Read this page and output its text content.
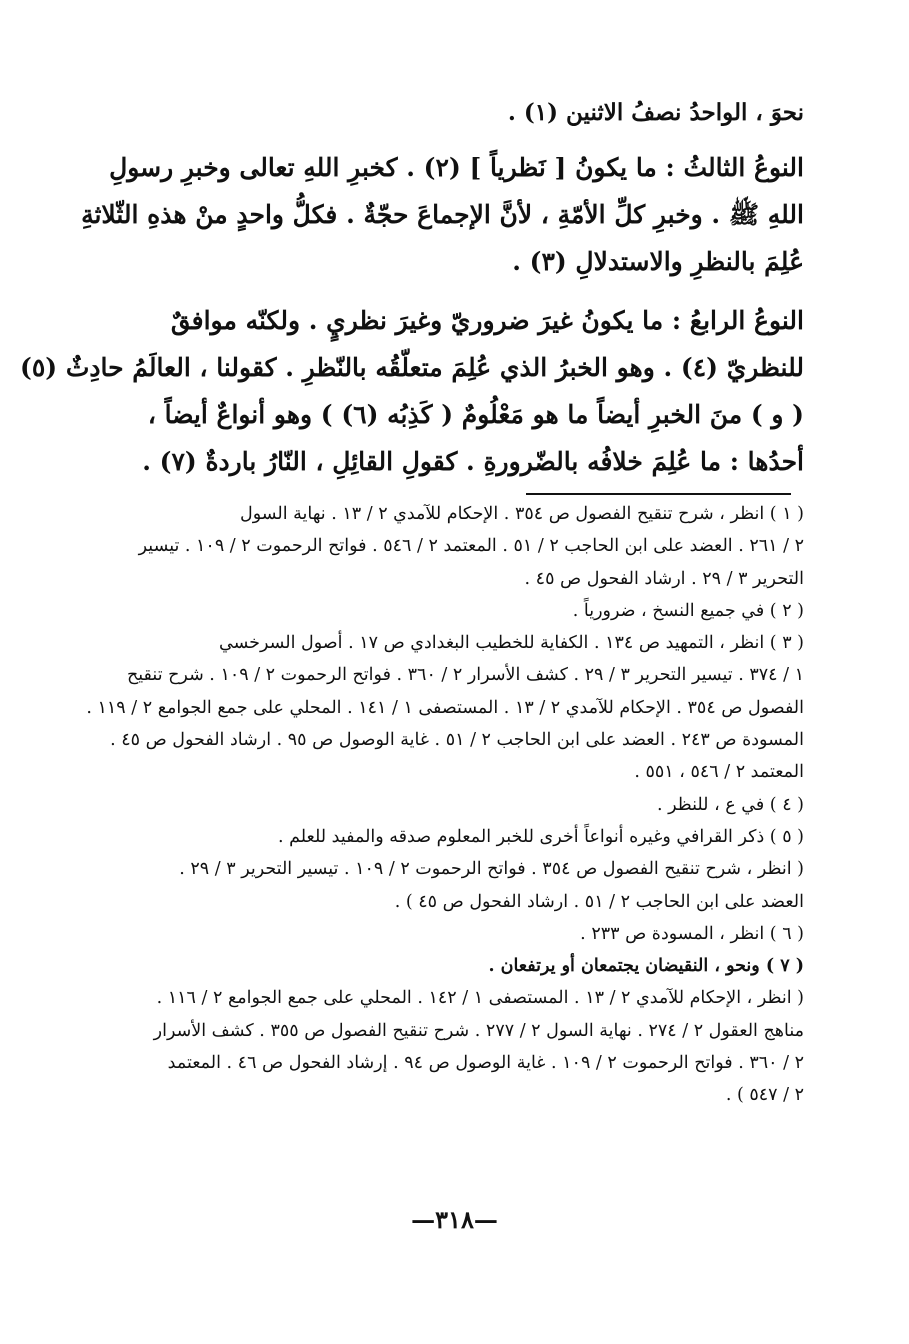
نحوَ ، الواحدُ نصفُ الاثنين (١) .
النوعُ الثالثُ : ما يكونُ [ نَظرياً ] (٢) . كخبرِ اللهِ تعالى وخبرِ رسولِ
اللهِ ﷺ . وخبرِ كلِّ الأمّةِ ، لأنَّ الإجماعَ حجّةٌ . فكلُّ واحدٍ منْ هذهِ الثّلاثةِ
عُلِمَ بالنظرِ والاستدلالِ (٣) .
النوعُ الرابعُ : ما يكونُ غيرَ ضروريّ وغيرَ نظريٍ . ولكنّه موافقٌ
للنظريّ (٤) . وهو الخبرُ الذي عُلِمَ متعلّقُه بالنّظرِ . كقولنا ، العالَمُ حادِثٌ (٥)
( و ) منَ الخبرِ أيضاً ما هو مَعْلُومٌ ( كَذِبُه (٦) ) وهو أنواعٌ أيضاً ،
أحدُها : ما عُلِمَ خلافُه بالضّرورةِ . كقولِ القائِلِ ، النّارُ باردةٌ (٧) .
( ١ ) انظر ، شرح تنقيح الفصول ص ٣٥٤ . الإحكام للآمدي ٢ / ١٣ . نهاية السول
٢ / ٢٦١ . العضد على ابن الحاجب ٢ / ٥١ . المعتمد ٢ / ٥٤٦ . فواتح الرحموت ٢ / ١٠٩ . تيسير
التحرير ٣ / ٢٩ . ارشاد الفحول ص ٤٥ .
( ٢ ) في جميع النسخ ، ضرورياً .
( ٣ ) انظر ، التمهيد ص ١٣٤ . الكفاية للخطيب البغدادي ص ١٧ . أصول السرخسي
١ / ٣٧٤ . تيسير التحرير ٣ / ٢٩ . كشف الأسرار ٢ / ٣٦٠ . فواتح الرحموت ٢ / ١٠٩ . شرح تنقيح
الفصول ص ٣٥٤ . الإحكام للآمدي ٢ / ١٣ . المستصفى ١ / ١٤١ . المحلي على جمع الجوامع ٢ / ١١٩ .
المسودة ص ٢٤٣ . العضد على ابن الحاجب ٢ / ٥١ . غاية الوصول ص ٩٥ . ارشاد الفحول ص ٤٥ .
المعتمد ٢ / ٥٤٦ ، ٥٥١ .
( ٤ ) في ع ، للنظر .
( ٥ ) ذكر القرافي وغيره أنواعاً أخرى للخبر المعلوم صدقه والمفيد للعلم .
( انظر ، شرح تنقيح الفصول ص ٣٥٤ . فواتح الرحموت ٢ / ١٠٩ . تيسير التحرير ٣ / ٢٩ .
العضد على ابن الحاجب ٢ / ٥١ . ارشاد الفحول ص ٤٥ ) .
( ٦ ) انظر ، المسودة ص ٢٣٣ .
( ٧ ) ونحو ، النقيضان يجتمعان أو يرتفعان .
( انظر ، الإحكام للآمدي ٢ / ١٣ . المستصفى ١ / ١٤٢ . المحلي على جمع الجوامع ٢ / ١١٦ .
مناهج العقول ٢ / ٢٧٤ . نهاية السول ٢ / ٢٧٧ . شرح تنقيح الفصول ص ٣٥٥ . كشف الأسرار
٢ / ٣٦٠ . فواتح الرحموت ٢ / ١٠٩ . غاية الوصول ص ٩٤ . إرشاد الفحول ص ٤٦ . المعتمد
٢ / ٥٤٧ ) .
—٣١٨—
